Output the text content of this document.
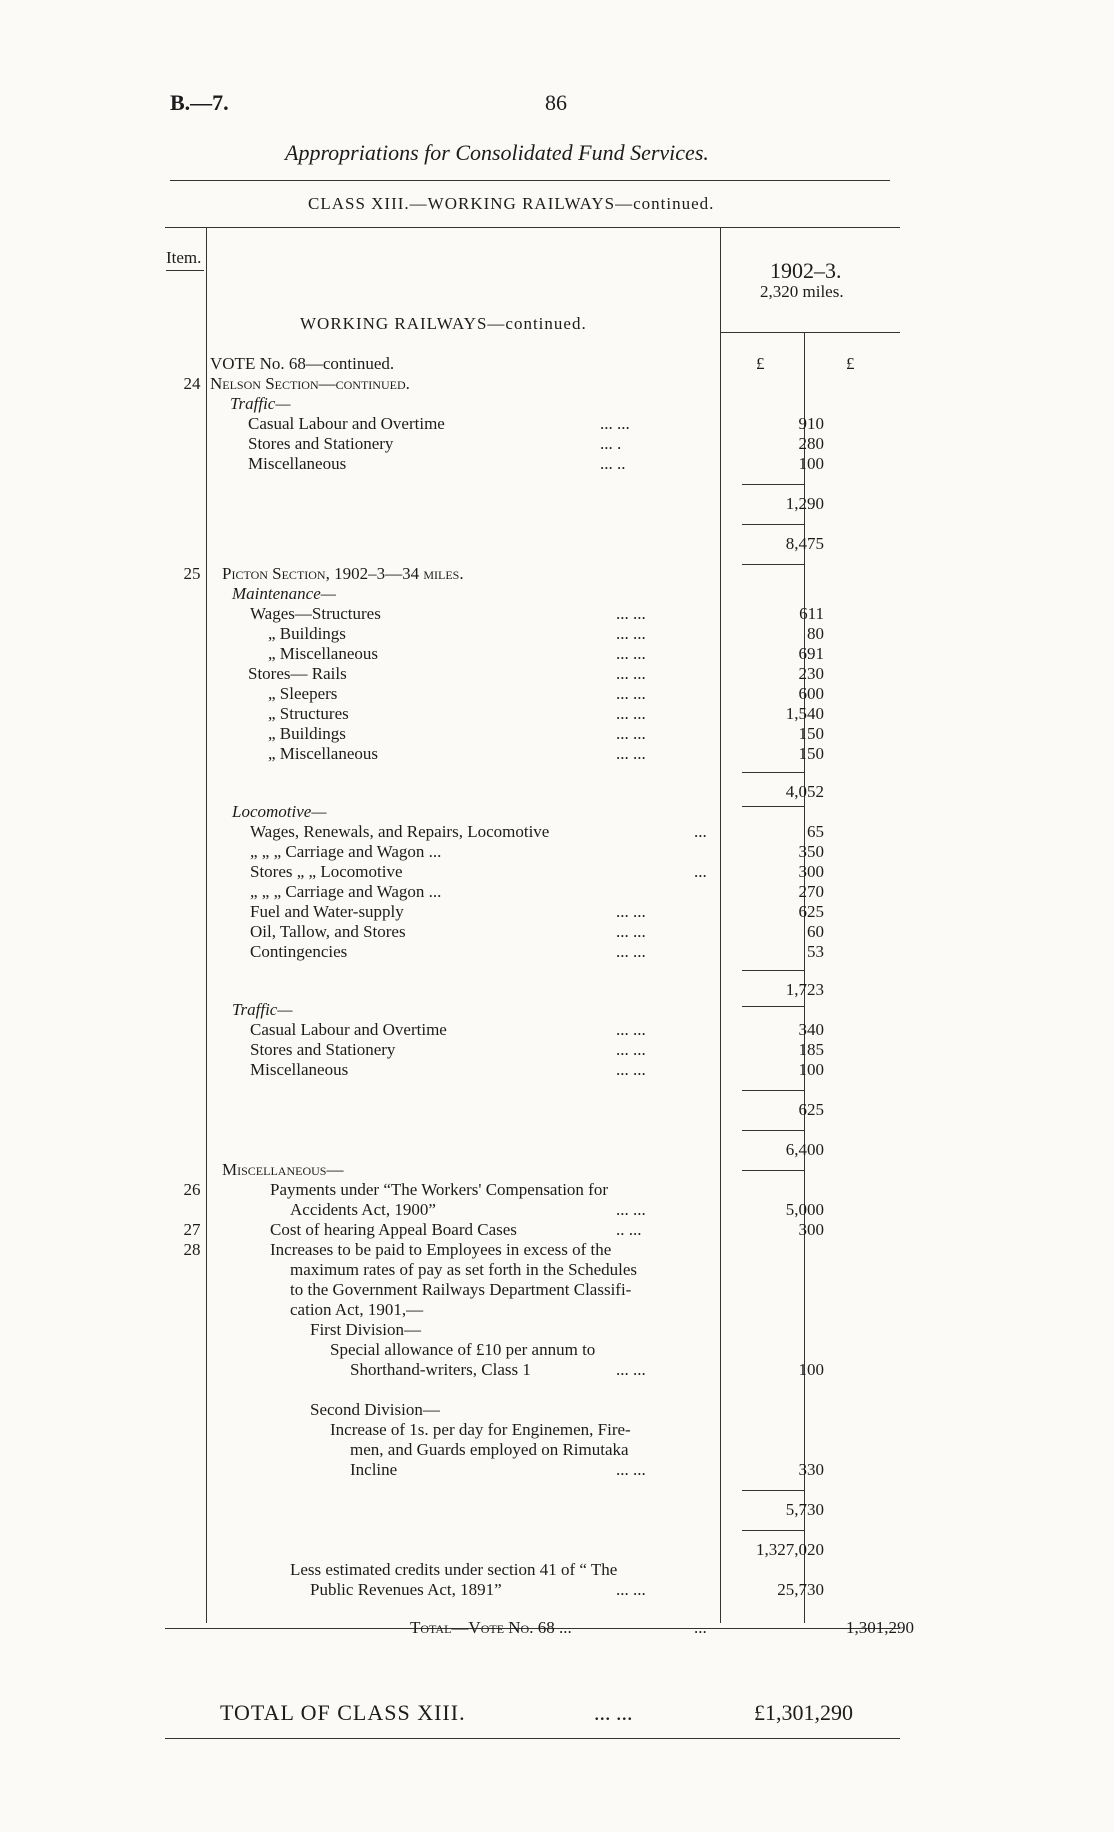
B.—7.	86
Appropriations for Consolidated Fund Services.
CLASS XIII.—WORKING RAILWAYS—continued.
Item.
1902–3.
2,320 miles.
£	£
WORKING RAILWAYS—continued.
VOTE No. 68—continued.
24 Nelson Section—continued.
Traffic—
Casual Labour and Overtime	... ...	910
Stores and Stationery	... .	280
Miscellaneous	... ..	100
1,290
8,475
25	Picton Section, 1902–3—34 miles.
Maintenance—
Wages—Structures	... ...	611
„ Buildings	... ...	80
„ Miscellaneous	... ...	691
Stores— Rails	... ...	230
„ Sleepers	... ...	600
„ Structures	... ...	1,540
„ Buildings	... ...	150
„ Miscellaneous	... ...	150
4,052
Locomotive—
Wages, Renewals, and Repairs, Locomotive	...	65
„ „ „ Carriage and Wagon ...	350
Stores „ „ Locomotive	...	300
„ „ „ Carriage and Wagon ...	270
Fuel and Water-supply	... ...	625
Oil, Tallow, and Stores	... ...	60
Contingencies	... ...	53
1,723
Traffic—
Casual Labour and Overtime	... ...	340
Stores and Stationery	... ...	185
Miscellaneous	... ...	100
625
6,400
Miscellaneous—
26	Payments under “The Workers' Compensation for
Accidents Act, 1900”	... ...	5,000
27	Cost of hearing Appeal Board Cases	.. ...	300
28	Increases to be paid to Employees in excess of the
maximum rates of pay as set forth in the Schedules
to the Government Railways Department Classifi-
cation Act, 1901,—
First Division—
Special allowance of £10 per annum to
Shorthand-writers, Class 1	... ...	100
Second Division—
Increase of 1s. per day for Enginemen, Fire-
men, and Guards employed on Rimutaka
Incline	... ...	330
5,730
1,327,020
Less estimated credits under section 41 of “ The
Public Revenues Act, 1891”	... ...	25,730
Total—Vote No. 68 ...	...	1,301,290
TOTAL OF CLASS XIII.	... ...	£1,301,290
